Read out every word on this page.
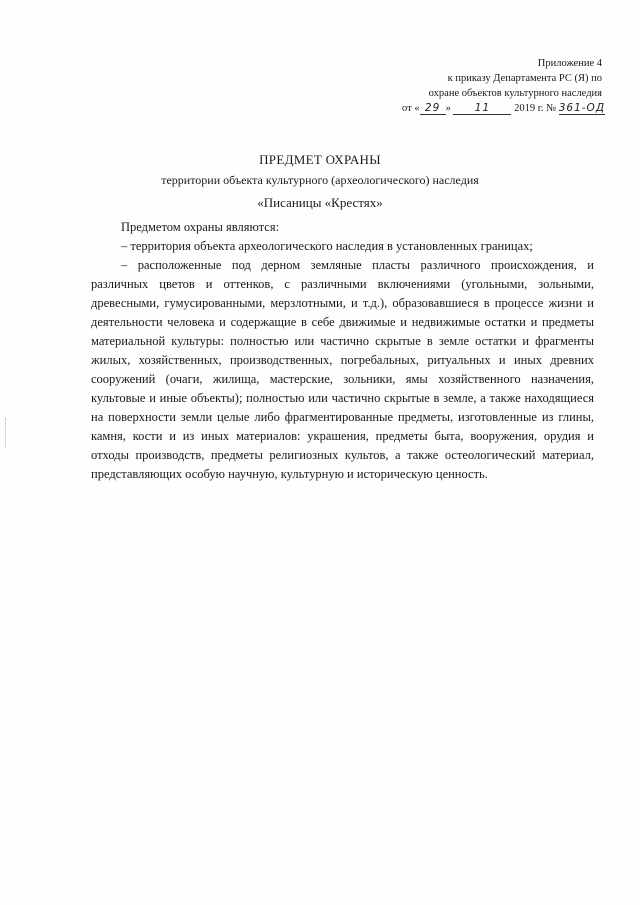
Приложение 4
к приказу Департамента РС (Я) по
охране объектов культурного наследия
от « 29 » 11 2019 г. № 361-ОД
ПРЕДМЕТ ОХРАНЫ
территории объекта культурного (археологического) наследия
«Писаницы «Крестях»

Предметом охраны являются:

– территория объекта археологического наследия в установленных границах;

– расположенные под дерном земляные пласты различного происхождения, и различных цветов и оттенков, с различными включениями (угольными, зольными, древесными, гумусированными, мерзлотными, и т.д.), образовавшиеся в процессе жизни и деятельности человека и содержащие в себе движимые и недвижимые остатки и предметы материальной культуры: полностью или частично скрытые в земле остатки и фрагменты жилых, хозяйственных, производственных, погребальных, ритуальных и иных древних сооружений (очаги, жилища, мастерские, зольники, ямы хозяйственного назначения, культовые и иные объекты); полностью или частично скрытые в земле, а также находящиеся на поверхности земли целые либо фрагментированные предметы, изготовленные из глины, камня, кости и из иных материалов: украшения, предметы быта, вооружения, орудия и отходы производств, предметы религиозных культов, а также остеологический материал, представляющих особую научную, культурную и историческую ценность.
